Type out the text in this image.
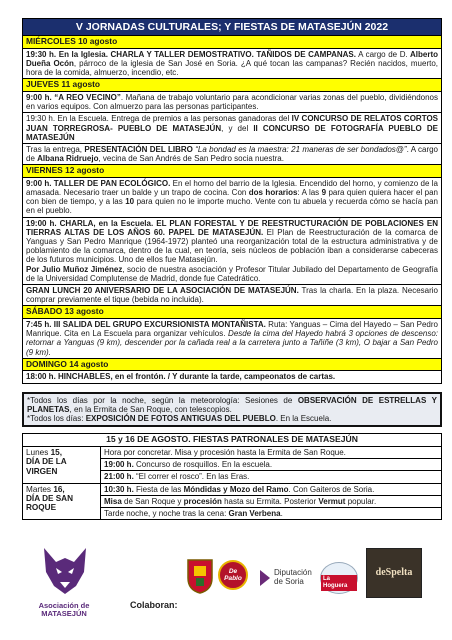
V JORNADAS CULTURALES; Y FIESTAS DE MATASEJÚN 2022
MIÉRCOLES 10 agosto
19:30 h. En la Iglesia. CHARLA Y TALLER DEMOSTRATIVO. TAÑIDOS DE CAMPANAS. A cargo de D. Alberto Dueña Ocón, párroco de la iglesia de San José en Soria. ¿A qué tocan las campanas? Recién nacidos, muerto, hora de la comida, almuerzo, incendio, etc.
JUEVES 11 agosto
9:00 h. “A REO VECINO”. Mañana de trabajo voluntario para acondicionar varias zonas del pueblo, dividiéndonos en varios equipos. Con almuerzo para las personas participantes.
19:30 h. En la Escuela. Entrega de premios a las personas ganadoras del IV CONCURSO DE RELATOS CORTOS JUAN TORREGROSA- PUEBLO DE MATASEJÚN, y del II CONCURSO DE FOTOGRAFÍA PUEBLO DE MATASEJÚN
Tras la entrega, PRESENTACIÓN DEL LIBRO “La bondad es la maestra: 21 maneras de ser bondados@”. A cargo de Albana Ridruejo, vecina de San Andrés de San Pedro socia nuestra.
VIERNES 12 agosto
9:00 h. TALLER DE PAN ECOLÓGICO. En el horno del barrio de la Iglesia. Encendido del horno, y comienzo de la amasada. Necesario traer un balde y un trapo de cocina. Con dos horarios: A las 9 para quien quiera hacer el pan con bien de tiempo, y a las 10 para quien no le importe mucho. Vente con tu abuela y recuerda cómo se hacía pan en el pueblo.
19:00 h. CHARLA, en la Escuela. EL PLAN FORESTAL Y DE REESTRUCTURACIÓN DE POBLACIONES EN TIERRAS ALTAS DE LOS AÑOS 60. PAPEL DE MATASEJÚN. El Plan de Reestructuración de la comarca de Yanguas y San Pedro Manrique (1964-1972) planteó una reorganización total de la estructura administrativa y de poblamiento de la comarca, dentro de la cual, en teoría, seis núcleos de población iban a considerarse cabeceras de los futuros municipios. Uno de ellos fue Matasejún.
Por Julio Muñoz Jiménez, socio de nuestra asociación y Profesor Titular Jubilado del Departamento de Geografía de la Universidad Complutense de Madrid, donde fue Catedrático.
GRAN LUNCH 20 ANIVERSARIO DE LA ASOCIACIÓN DE MATASEJÚN. Tras la charla. En la plaza. Necesario comprar previamente el tique (bebida no incluida).
SÁBADO 13 agosto
7:45 h. III SALIDA DEL GRUPO EXCURSIONISTA MONTAÑISTA. Ruta: Yanguas – Cima del Hayedo – San Pedro Manrique. Cita en La Escuela para organizar vehículos. Desde la cima del Hayedo habrá 3 opciones de descenso: retornar a Yanguas (9 km), descender por la cañada real a la carretera junto a Tañiñe (3 km), O bajar a San Pedro (9 km).
DOMINGO 14 agosto
18:00 h. HINCHABLES, en el frontón. / Y durante la tarde, campeonatos de cartas.
*Todos los días por la noche, según la meteorología: Sesiones de OBSERVACIÓN DE ESTRELLAS Y PLANETAS, en la Ermita de San Roque, con telescopios.
*Todos los días: EXPOSICIÓN DE FOTOS ANTIGUAS DEL PUEBLO. En la Escuela.
15 y 16 DE AGOSTO. FIESTAS PATRONALES DE MATASEJÚN
Lunes 15,
DÍA DE LA VIRGEN
Hora por concretar. Misa y procesión hasta la Ermita de San Roque.
19:00 h. Concurso de rosquillos. En la escuela.
21:00 h. “El correr el rosco”. En las Eras.
Martes 16,
DÍA DE SAN ROQUE
10:30 h. Fiesta de las Móndidas y Mozo del Ramo. Con Gaiteros de Soria.
Misa de San Roque y procesión hasta su Ermita. Posterior Vermut popular.
Tarde noche, y noche tras la cena: Gran Verbena.
Asociación de
MATASEJÚN
Colaboran:
De Pablo
Diputación
de Soria	La Hoguera
deSpelta
